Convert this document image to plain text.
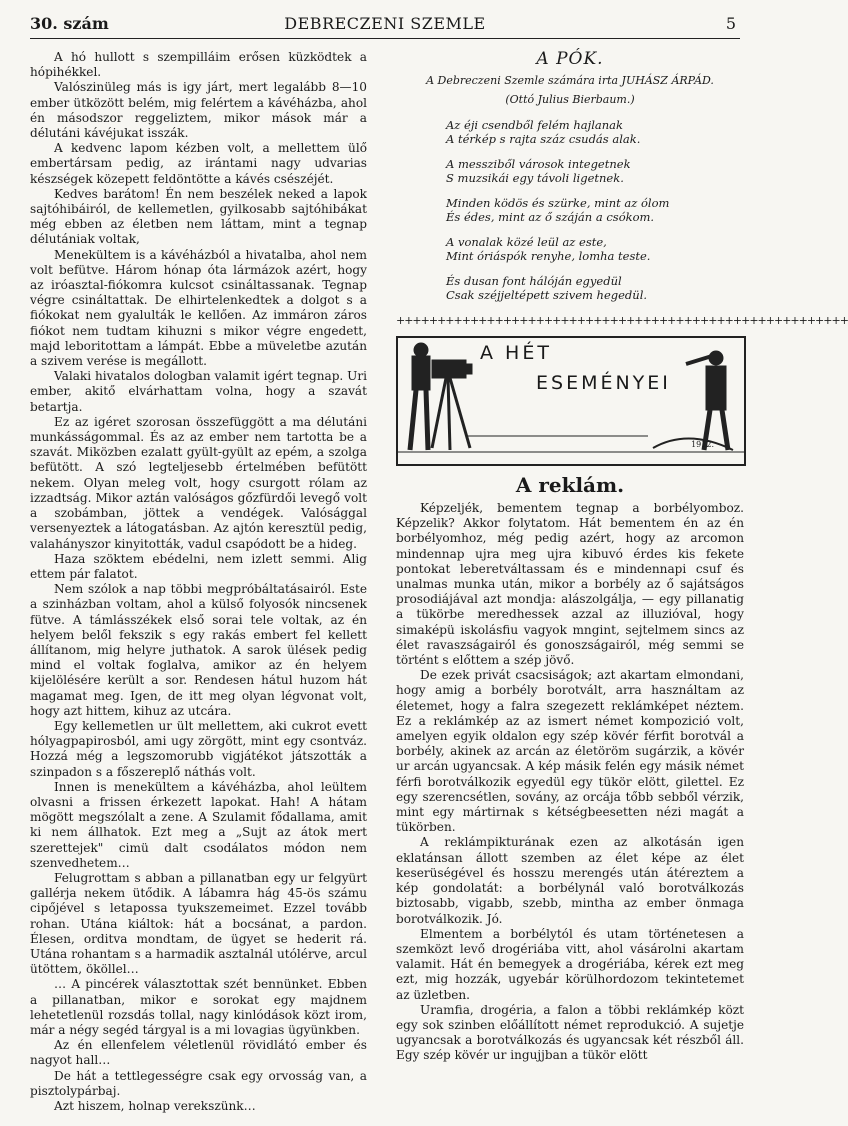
30. szám	DEBRECZENI SZEMLE	5

A hó hullott s szempilláim erősen küzködtek a hópihékkel.

Valószinüleg más is igy járt, mert legalább 8—10 ember ütközött belém, mig felértem a kávéházba, ahol én másodszor reggeliztem, mikor mások már a délutáni kávéjukat isszák.

A kedvenc lapom kézben volt, a mellettem ülő embertársam pedig, az irántami nagy udvarias készségek közepett feldöntötte a kávés csészéjét.

Kedves barátom! Én nem beszélek neked a lapok sajtóhibáiról, de kellemetlen, gyilkosabb sajtóhibákat még ebben az életben nem láttam, mint a tegnap délutániak voltak,

Menekültem is a kávéházból a hivatalba, ahol nem volt befütve. Három hónap óta lármázok azért, hogy az iróasztal-fiókomra kulcsot csináltassanak. Tegnap végre csináltattak. De elhirtelenkedtek a dolgot s a fiókokat nem gyalulták le kellően. Az immáron záros fiókot nem tudtam kihuzni s mikor végre engedett, majd leboritottam a lámpát. Ebbe a müveletbe azután a szivem verése is megállott.

Valaki hivatalos dologban valamit igért tegnap. Uri ember, akitő elvárhattam volna, hogy a szavát betartja.

Ez az igéret szorosan összefüggött a ma délutáni munkásságommal. És az az ember nem tartotta be a szavát. Miközben ezalatt gyült-gyült az epém, a szolga befütött. A szó legteljesebb értelmében befütött nekem. Olyan meleg volt, hogy csurgott rólam az izzadtság. Mikor aztán valóságos gőzfürdői levegő volt a szobámban, jöttek a vendégek. Valósággal versenyeztek a látogatásban. Az ajtón keresztül pedig, valahányszor kinyitották, vadul csapódott be a hideg.

Haza szöktem ebédelni, nem izlett semmi. Alig ettem pár falatot.

Nem szólok a nap többi megpróbáltatásairól. Este a szinházban voltam, ahol a külső folyosók nincsenek fütve. A támlásszékek első sorai tele voltak, az én helyem belől fekszik s egy rakás embert fel kellett állítanom, mig helyre juthatok. A sarok ülések pedig mind el voltak foglalva, amikor az én helyem kijelölésére került a sor. Rendesen hátul huzom hát magamat meg. Igen, de itt meg olyan légvonat volt, hogy azt hittem, kihuz az utcára.

Egy kellemetlen ur ült mellettem, aki cukrot evett hólyagpapirosból, ami ugy zörgött, mint egy csontváz. Hozzá még a legszomorubb vigjátékot játszották a szinpadon s a főszereplő náthás volt.

Innen is menekültem a kávéházba, ahol leültem olvasni a frissen érkezett lapokat. Hah! A hátam mögött megszólalt a zene. A Szulamit fődallama, amit ki nem állhatok. Ezt meg a „Sujt az átok mert szerettejek" cimü dalt csodálatos módon nem szenvedhetem…

Felugrottam s abban a pillanatban egy ur felgyürt gallérja nekem ütődik. A lábamra hág 45-ös számu cipőjével s letapossa tyukszemeimet. Ezzel tovább rohan. Utána kiáltok: hát a bocsánat, a pardon. Élesen, orditva mondtam, de ügyet se hederit rá. Utána rohantam s a harmadik asztalnál utólérve, arcul ütöttem, ököllel…

… A pincérek választottak szét bennünket. Ebben a pillanatban, mikor e sorokat egy majdnem lehetetlenül rozsdás tollal, nagy kinlódások közt irom, már a négy segéd tárgyal is a mi lovagias ügyünkben.

Az én ellenfelem véletlenül rövidlátó ember és nagyot hall…

De hát a tettlegességre csak egy orvosság van, a pisztolypárbaj.

Azt hiszem, holnap verekszünk…

A PÓK.
A Debreczeni Szemle számára irta JUHÁSZ ÁRPÁD.
(Ottó Julius Bierbaum.)
Az éji csendből felém hajlanak
A térkép s rajta száz csudás alak.
A messziből városok integetnek
S muzsikái egy távoli ligetnek.
Minden ködös és szürke, mint az ólom
És édes, mint az ő száján a csókom.
A vonalak közé leül az este,
Mint óriáspók renyhe, lomha teste.
És dusan font hálóján egyedül
Csak széjjeltépett szivem hegedül.
+++++++++++++++++++++++++++++++++++++++++++++++++++++++
A HÉT
ESEMÉNYEI
1912.
A reklám.

Képzeljék, bementem tegnap a borbélyomboz. Képzelik? Akkor folytatom. Hát bementem én az én borbélyomhoz, még pedig azért, hogy az arcomon mindennap ujra meg ujra kibuvó érdes kis fekete pontokat leberetváltassam és e mindennapi csuf és unalmas munka után, mikor a borbély az ő sajátságos prosodiájával azt mondja: alászolgálja, — egy pillanatig a tükörbe meredhessek azzal az illuzióval, hogy simaképü iskolásfiu vagyok mngint, sejtelmem sincs az élet ravaszságairól és gonoszságairól, még semmi se történt s előttem a szép jövő.

De ezek privát csacsiságok; azt akartam elmondani, hogy amig a borbély borotvált, arra használtam az életemet, hogy a falra szegezett reklámképet néztem. Ez a reklámkép az az ismert német kompozició volt, amelyen egyik oldalon egy szép kövér férfit borotvál a borbély, akinek az arcán az életöröm sugárzik, a kövér ur arcán ugyancsak. A kép másik felén egy másik német férfi borotválkozik egyedül egy tükör elött, gilettel. Ez egy szerencsétlen, sovány, az orcája tőbb sebből vérzik, mint egy mártirnak s kétségbeesetten nézi magát a tükörben.

A reklámpikturának ezen az alkotásán igen eklatánsan állott szemben az élet képe az élet keserüségével és hosszu merengés után átéreztem a kép gondolatát: a borbélynál való borotválkozás biztosabb, vigabb, szebb, mintha az ember önmaga borotválkozik. Jó.

Elmentem a borbélytól és utam történetesen a szemközt levő drogériába vitt, ahol vásárolni akartam valamit. Hát én bemegyek a drogériába, kérek ezt meg ezt, mig hozzák, ugyebár körülhordozom tekintetemet az üzletben.

Uramfia, drogéria, a falon a többi reklámkép közt egy sok szinben előállított német reprodukció. A sujetje ugyancsak a borotválkozás és ugyancsak két részből áll. Egy szép kövér ur ingujjban a tükör elött
